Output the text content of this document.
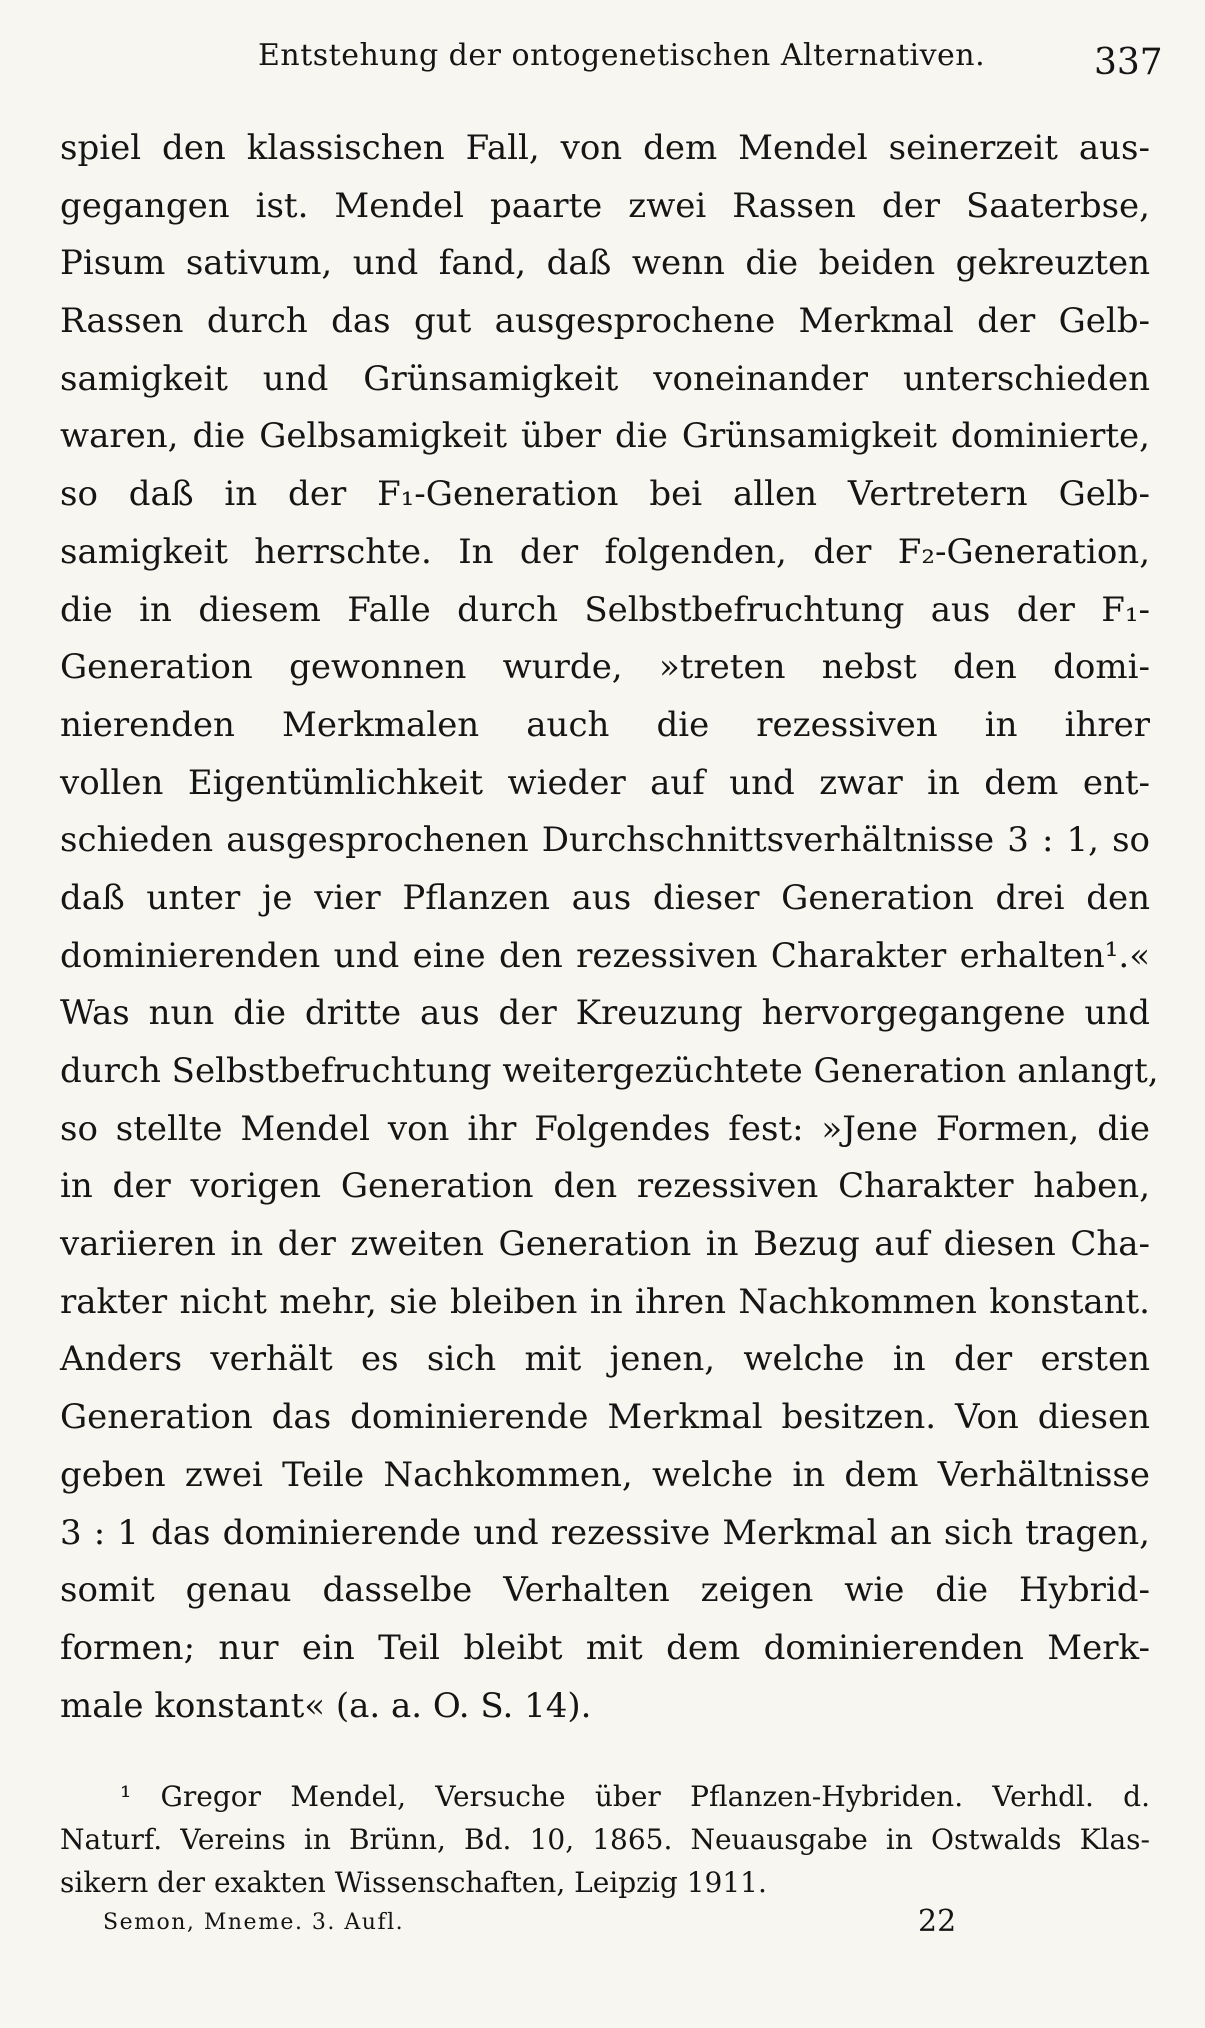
Entstehung der ontogenetischen Alternativen.	337
spiel den klassischen Fall, von dem Mendel seinerzeit aus-
gegangen ist. Mendel paarte zwei Rassen der Saaterbse,
Pisum sativum, und fand, daß wenn die beiden gekreuzten
Rassen durch das gut ausgesprochene Merkmal der Gelb-
samigkeit und Grünsamigkeit voneinander unterschieden
waren, die Gelbsamigkeit über die Grünsamigkeit dominierte,
so daß in der F₁-Generation bei allen Vertretern Gelb-
samigkeit herrschte. In der folgenden, der F₂-Generation,
die in diesem Falle durch Selbstbefruchtung aus der F₁-
Generation gewonnen wurde, »treten nebst den domi-
nierenden Merkmalen auch die rezessiven in ihrer
vollen Eigentümlichkeit wieder auf und zwar in dem ent-
schieden ausgesprochenen Durchschnittsverhältnisse 3 : 1, so
daß unter je vier Pflanzen aus dieser Generation drei den
dominierenden und eine den rezessiven Charakter erhalten¹.«
Was nun die dritte aus der Kreuzung hervorgegangene und
durch Selbstbefruchtung weitergezüchtete Generation anlangt,
so stellte Mendel von ihr Folgendes fest: »Jene Formen, die
in der vorigen Generation den rezessiven Charakter haben,
variieren in der zweiten Generation in Bezug auf diesen Cha-
rakter nicht mehr, sie bleiben in ihren Nachkommen konstant.
Anders verhält es sich mit jenen, welche in der ersten
Generation das dominierende Merkmal besitzen. Von diesen
geben zwei Teile Nachkommen, welche in dem Verhältnisse
3 : 1 das dominierende und rezessive Merkmal an sich tragen,
somit genau dasselbe Verhalten zeigen wie die Hybrid-
formen; nur ein Teil bleibt mit dem dominierenden Merk-
male konstant« (a. a. O. S. 14).
¹ Gregor Mendel, Versuche über Pflanzen-Hybriden. Verhdl. d.
Naturf. Vereins in Brünn, Bd. 10, 1865. Neuausgabe in Ostwalds Klas-
sikern der exakten Wissenschaften, Leipzig 1911.
Semon, Mneme. 3. Aufl.	22
